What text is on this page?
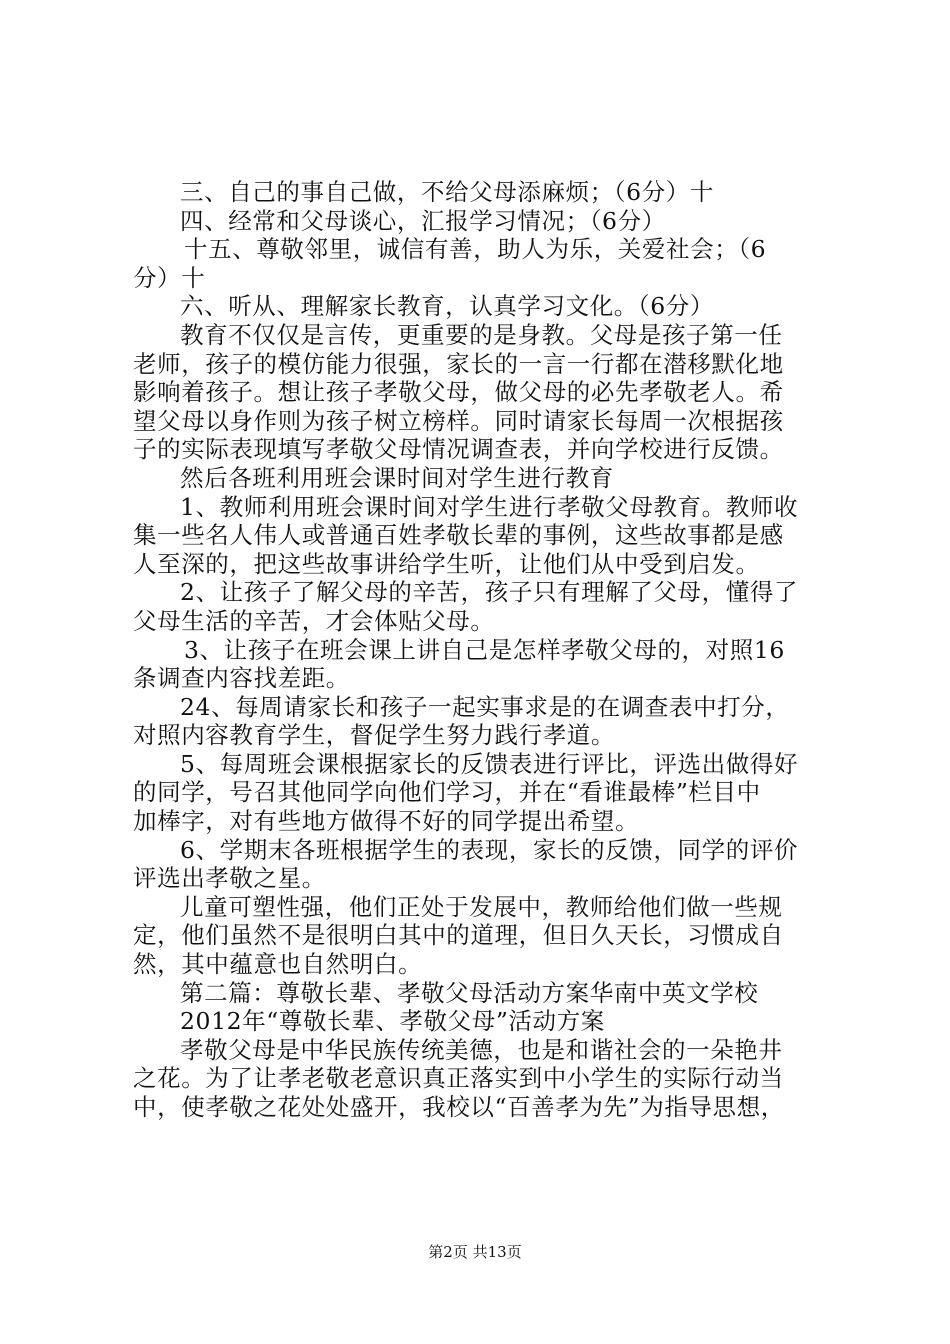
三、自己的事自己做，不给父母添麻烦；（6分）十
四、经常和父母谈心，汇报学习情况；（6分）
十五、尊敬邻里，诚信有善，助人为乐，关爱社会；（6
分）十
六、听从、理解家长教育，认真学习文化。（6分）
教育不仅仅是言传，更重要的是身教。父母是孩子第一任
老师，孩子的模仿能力很强，家长的一言一行都在潜移默化地
影响着孩子。想让孩子孝敬父母，做父母的必先孝敬老人。希
望父母以身作则为孩子树立榜样。同时请家长每周一次根据孩
子的实际表现填写孝敬父母情况调查表，并向学校进行反馈。
然后各班利用班会课时间对学生进行教育
1、教师利用班会课时间对学生进行孝敬父母教育。教师收
集一些名人伟人或普通百姓孝敬长辈的事例，这些故事都是感
人至深的，把这些故事讲给学生听，让他们从中受到启发。
2、让孩子了解父母的辛苦，孩子只有理解了父母，懂得了
父母生活的辛苦，才会体贴父母。
3、让孩子在班会课上讲自己是怎样孝敬父母的，对照16
条调查内容找差距。
24、每周请家长和孩子一起实事求是的在调查表中打分，
对照内容教育学生，督促学生努力践行孝道。
5、每周班会课根据家长的反馈表进行评比，评选出做得好
的同学，号召其他同学向他们学习，并在“看谁最棒”栏目中
加棒字，对有些地方做得不好的同学提出希望。
6、学期末各班根据学生的表现，家长的反馈，同学的评价
评选出孝敬之星。
儿童可塑性强，他们正处于发展中，教师给他们做一些规
定，他们虽然不是很明白其中的道理，但日久天长，习惯成自
然，其中蕴意也自然明白。
第二篇：尊敬长辈、孝敬父母活动方案华南中英文学校
2012年“尊敬长辈、孝敬父母”活动方案
孝敬父母是中华民族传统美德，也是和谐社会的一朵艳井
之花。为了让孝老敬老意识真正落实到中小学生的实际行动当
中，使孝敬之花处处盛开，我校以“百善孝为先”为指导思想，
第2页 共13页
